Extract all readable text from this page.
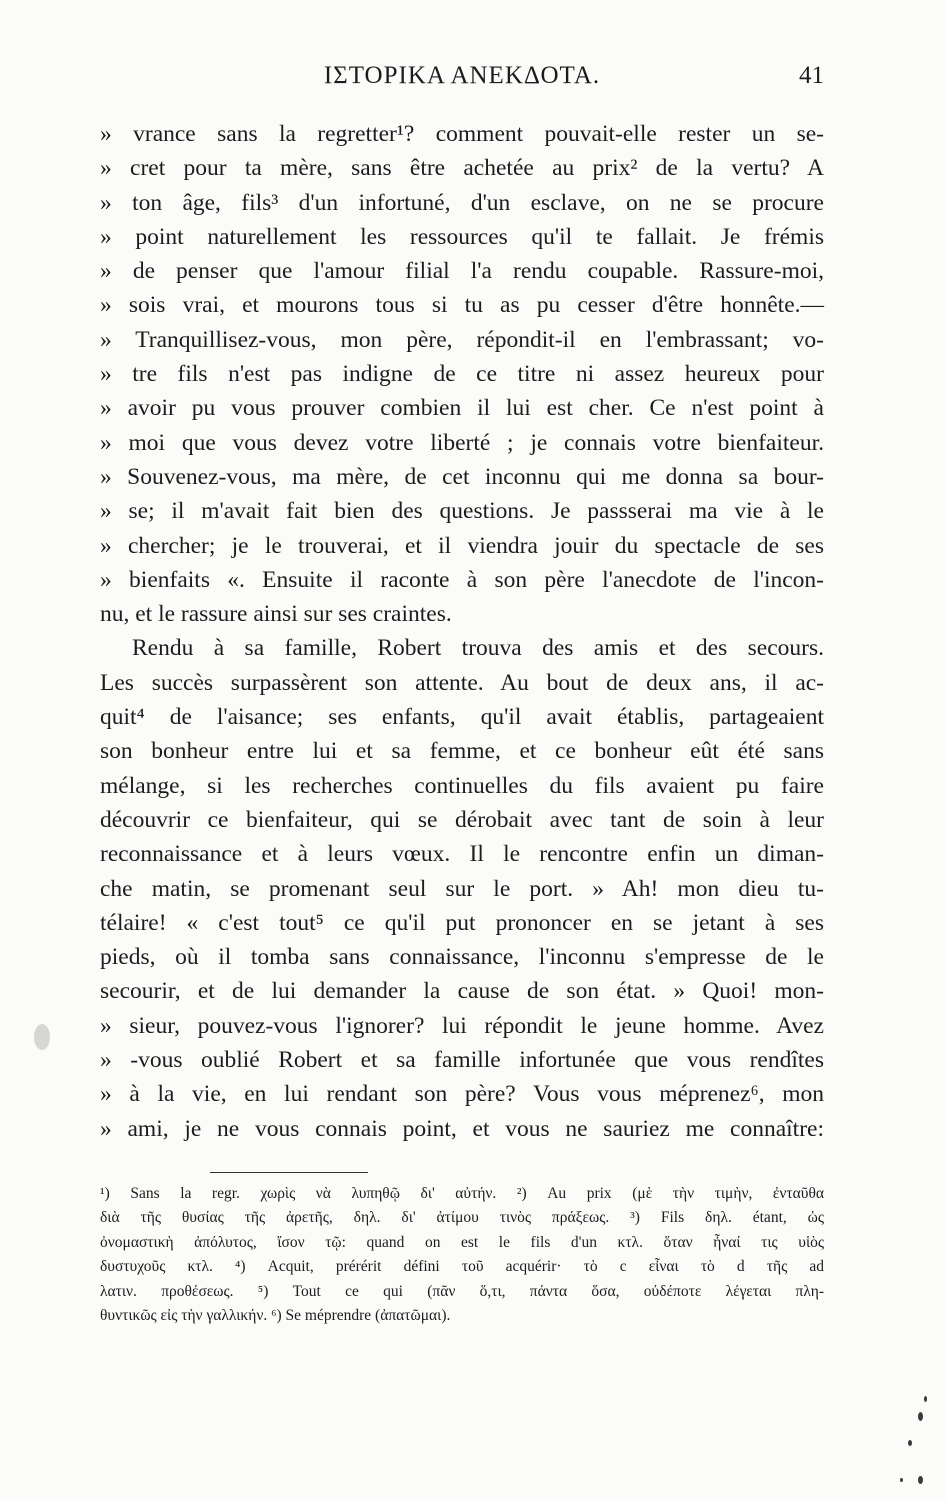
ΙΣΤΟΡΙΚΑ ΑΝΕΚΔΟΤΑ.	41
» vrance sans la regretter¹? comment pouvait-elle rester un se-
» cret pour ta mère, sans être achetée au prix² de la vertu? A
» ton âge, fils³ d'un infortuné, d'un esclave, on ne se procure
» point naturellement les ressources qu'il te fallait. Je frémis
» de penser que l'amour filial l'a rendu coupable. Rassure-moi,
» sois vrai, et mourons tous si tu as pu cesser d'être honnête.—
» Tranquillisez-vous, mon père, répondit-il en l'embrassant; vo-
» tre fils n'est pas indigne de ce titre ni assez heureux pour
» avoir pu vous prouver combien il lui est cher. Ce n'est point à
» moi que vous devez votre liberté ; je connais votre bienfaiteur.
» Souvenez-vous, ma mère, de cet inconnu qui me donna sa bour-
» se; il m'avait fait bien des questions. Je passserai ma vie à le
» chercher; je le trouverai, et il viendra jouir du spectacle de ses
» bienfaits «. Ensuite il raconte à son père l'anecdote de l'incon-
nu, et le rassure ainsi sur ses craintes.
Rendu à sa famille, Robert trouva des amis et des secours.
Les succès surpassèrent son attente. Au bout de deux ans, il ac-
quit⁴ de l'aisance; ses enfants, qu'il avait établis, partageaient
son bonheur entre lui et sa femme, et ce bonheur eût été sans
mélange, si les recherches continuelles du fils avaient pu faire
découvrir ce bienfaiteur, qui se dérobait avec tant de soin à leur
reconnaissance et à leurs vœux. Il le rencontre enfin un diman-
che matin, se promenant seul sur le port. » Ah! mon dieu tu-
télaire! « c'est tout⁵ ce qu'il put prononcer en se jetant à ses
pieds, où il tomba sans connaissance, l'inconnu s'empresse de le
secourir, et de lui demander la cause de son état. » Quoi! mon-
» sieur, pouvez-vous l'ignorer? lui répondit le jeune homme. Avez
» -vous oublié Robert et sa famille infortunée que vous rendîtes
» à la vie, en lui rendant son père? Vous vous méprenez⁶, mon
» ami, je ne vous connais point, et vous ne sauriez me connaître:
¹) Sans la regr. χωρὶς νὰ λυπηθῷ δι' αὐτήν. ²) Au prix (μὲ τὴν τιμὴν, ἐνταῦθα
διὰ τῆς θυσίας τῆς ἀρετῆς, δηλ. δι' ἀτίμου τινὸς πράξεως. ³) Fils δηλ. étant, ὡς
ὀνομαστικὴ ἀπόλυτος, ἴσον τῷ: quand on est le fils d'un κτλ. ὅταν ἦναί τις υἱὸς
δυστυχοῦς κτλ. ⁴) Acquit, prérérit défini τοῦ acquérir· τὸ c εἶναι τὸ d τῆς ad
λατιν. προθέσεως. ⁵) Tout ce qui (πᾶν ὅ,τι, πάντα ὅσα, οὐδέποτε λέγεται πλη-
θυντικῶς εἰς τὴν γαλλικήν. ⁶) Se méprendre (ἀπατῶμαι).
